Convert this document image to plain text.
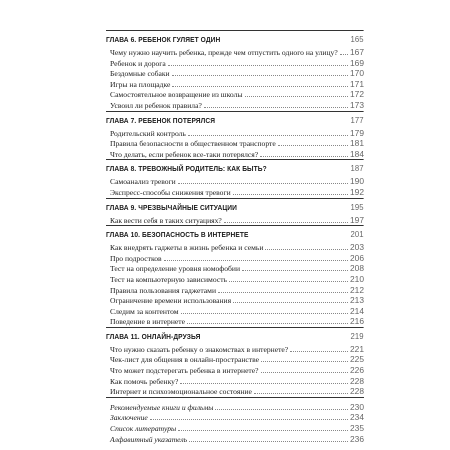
ГЛАВА 6. РЕБЕНОК ГУЛЯЕТ ОДИН	165
Чему нужно научить ребенка, прежде чем отпустить одного на улицу? 167
Ребенок и дорога	169
Бездомные собаки	170
Игры на площадке	171
Самостоятельное возвращение из школы	172
Усвоил ли ребенок правила?	173
ГЛАВА 7. РЕБЕНОК ПОТЕРЯЛСЯ	177
Родительский контроль	179
Правила безопасности в общественном транспорте	181
Что делать, если ребенок все-таки потерялся?	184
ГЛАВА 8. ТРЕВОЖНЫЙ РОДИТЕЛЬ: КАК БЫТЬ?	187
Самоанализ тревоги	190
Экспресс-способы снижения тревоги	192
ГЛАВА 9. ЧРЕЗВЫЧАЙНЫЕ СИТУАЦИИ	195
Как вести себя в таких ситуациях?	197
ГЛАВА 10. БЕЗОПАСНОСТЬ В ИНТЕРНЕТЕ	201
Как внедрять гаджеты в жизнь ребенка и семьи	203
Про подростков	206
Тест на определение уровня номофобии	208
Тест на компьютерную зависимость	210
Правила пользования гаджетами	212
Ограничение времени использования	213
Следим за контентом	214
Поведение в интернете	216
ГЛАВА 11. ОНЛАЙН-ДРУЗЬЯ	219
Что нужно сказать ребенку о знакомствах в интернете?	221
Чек-лист для общения в онлайн-пространстве	225
Что может подстерегать ребенка в интернете?	226
Как помочь ребенку?	228
Интернет и психоэмоциональное состояние	228
Рекомендуемые книги и фильмы	230
Заключение	234
Список литературы	235
Алфавитный указатель	236
